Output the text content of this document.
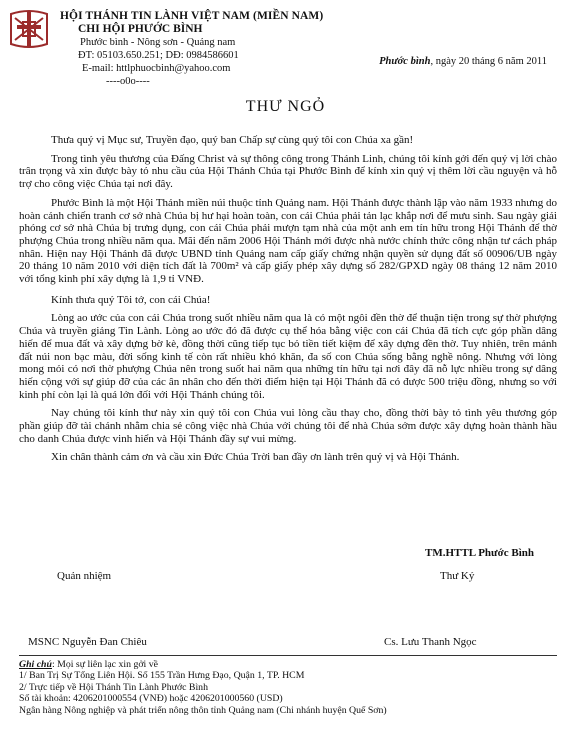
HỘI THÁNH TIN LÀNH VIỆT NAM (MIỀN NAM)
CHI HỘI PHƯỚC BÌNH
Phước bình - Nông sơn - Quảng nam
ĐT: 05103.650.251; DĐ: 0984586601
E-mail: httlphuocbinh@yahoo.com
----o0o----
Phước bình, ngày 20 tháng 6 năm 2011
THƯ NGỎ

Thưa quý vị Mục sư, Truyền đạo, quý ban Chấp sự cùng quý tôi con Chúa xa gần!

Trong tình yêu thương của Đấng Christ và sự thông công trong Thánh Linh, chúng tôi kính gởi đến quý vị lời chào trân trọng và xin được bày tỏ nhu cầu của Hội Thánh Chúa tại Phước Bình để kính xin quý vị thêm lời cầu nguyện và hỗ trợ cho công việc Chúa tại nơi đây.

Phước Bình là một Hội Thánh miền núi thuộc tỉnh Quảng nam. Hội Thánh được thành lập vào năm 1933 nhưng do hoàn cảnh chiến tranh cơ sở nhà Chúa bị hư hại hoàn toàn, con cái Chúa phải tản lạc khắp nơi để mưu sinh. Sau ngày giải phóng cơ sở nhà Chúa bị trưng dụng, con cái Chúa phải mượn tạm nhà của một anh em tín hữu trong Hội Thánh để thờ phượng Chúa trong nhiều năm qua. Mãi đến năm 2006 Hội Thánh mới được nhà nước chính thức công nhận tư cách pháp nhân. Hiện nay Hội Thánh đã được UBND tỉnh Quảng nam cấp giấy chứng nhận quyền sử dụng đất số 00906/UB ngày 20 tháng 10 năm 2010 với diện tích đất là 700m² và cấp giấy phép xây dựng số 282/GPXD ngày 08 tháng 12 năm 2010 với tổng kinh phí xây dựng là 1,9 tỉ VNĐ.

Kính thưa quý Tôi tớ, con cái Chúa!

Lòng ao ước của con cái Chúa trong suốt nhiều năm qua là có một ngôi đền thờ để thuận tiện trong sự thờ phượng Chúa và truyền giảng Tin Lành. Lòng ao ước đó đã được cụ thể hóa bằng việc con cái Chúa đã tích cực góp phần dâng hiến để mua đất và xây dựng bờ kè, đồng thời cũng tiếp tục bỏ tiền tiết kiệm để xây dựng đền thờ. Tuy nhiên, trên mảnh đất núi non bạc màu, đời sống kinh tế còn rất nhiều khó khăn, đa số con Chúa sống bằng nghề nông. Nhưng với lòng mong mỏi có nơi thờ phượng Chúa nên trong suốt hai năm qua những tín hữu tại nơi đây đã nỗ lực nhiều trong sự dâng hiến cộng với sự giúp đỡ của các ân nhân cho đến thời điểm hiện tại Hội Thánh đã có được 500 triệu đồng, nhưng so với kinh phí còn lại là quá lớn đối với Hội Thánh chúng tôi.

Nay chúng tôi kính thư này xin quý tôi con Chúa vui lòng cầu thay cho, đồng thời bày tỏ tình yêu thương góp phần giúp đỡ tài chánh nhằm chia sẻ công việc nhà Chúa với chúng tôi để nhà Chúa sớm được xây dựng hoàn thành hầu cho danh Chúa được vinh hiển và Hội Thánh đầy sự vui mừng.

Xin chân thành cảm ơn và cầu xin Đức Chúa Trời ban đầy ơn lành trên quý vị và Hội Thánh.

TM.HTTL Phước Bình
Quản nhiệm	Thư Ký
MSNC Nguyễn Đan Chiêu	Cs. Lưu Thanh Ngọc
Ghi chú: Mọi sự liên lạc xin gởi về
1/ Ban Trị Sự Tổng Liên Hội. Số 155 Trần Hưng Đạo, Quận 1, TP. HCM
2/ Trực tiếp về Hội Thánh Tin Lành Phước Bình
Số tài khoản: 4206201000554 (VNĐ) hoặc 4206201000560 (USD)
Ngân hàng Nông nghiệp và phát triển nông thôn tỉnh Quảng nam (Chi nhánh huyện Quế Sơn)
